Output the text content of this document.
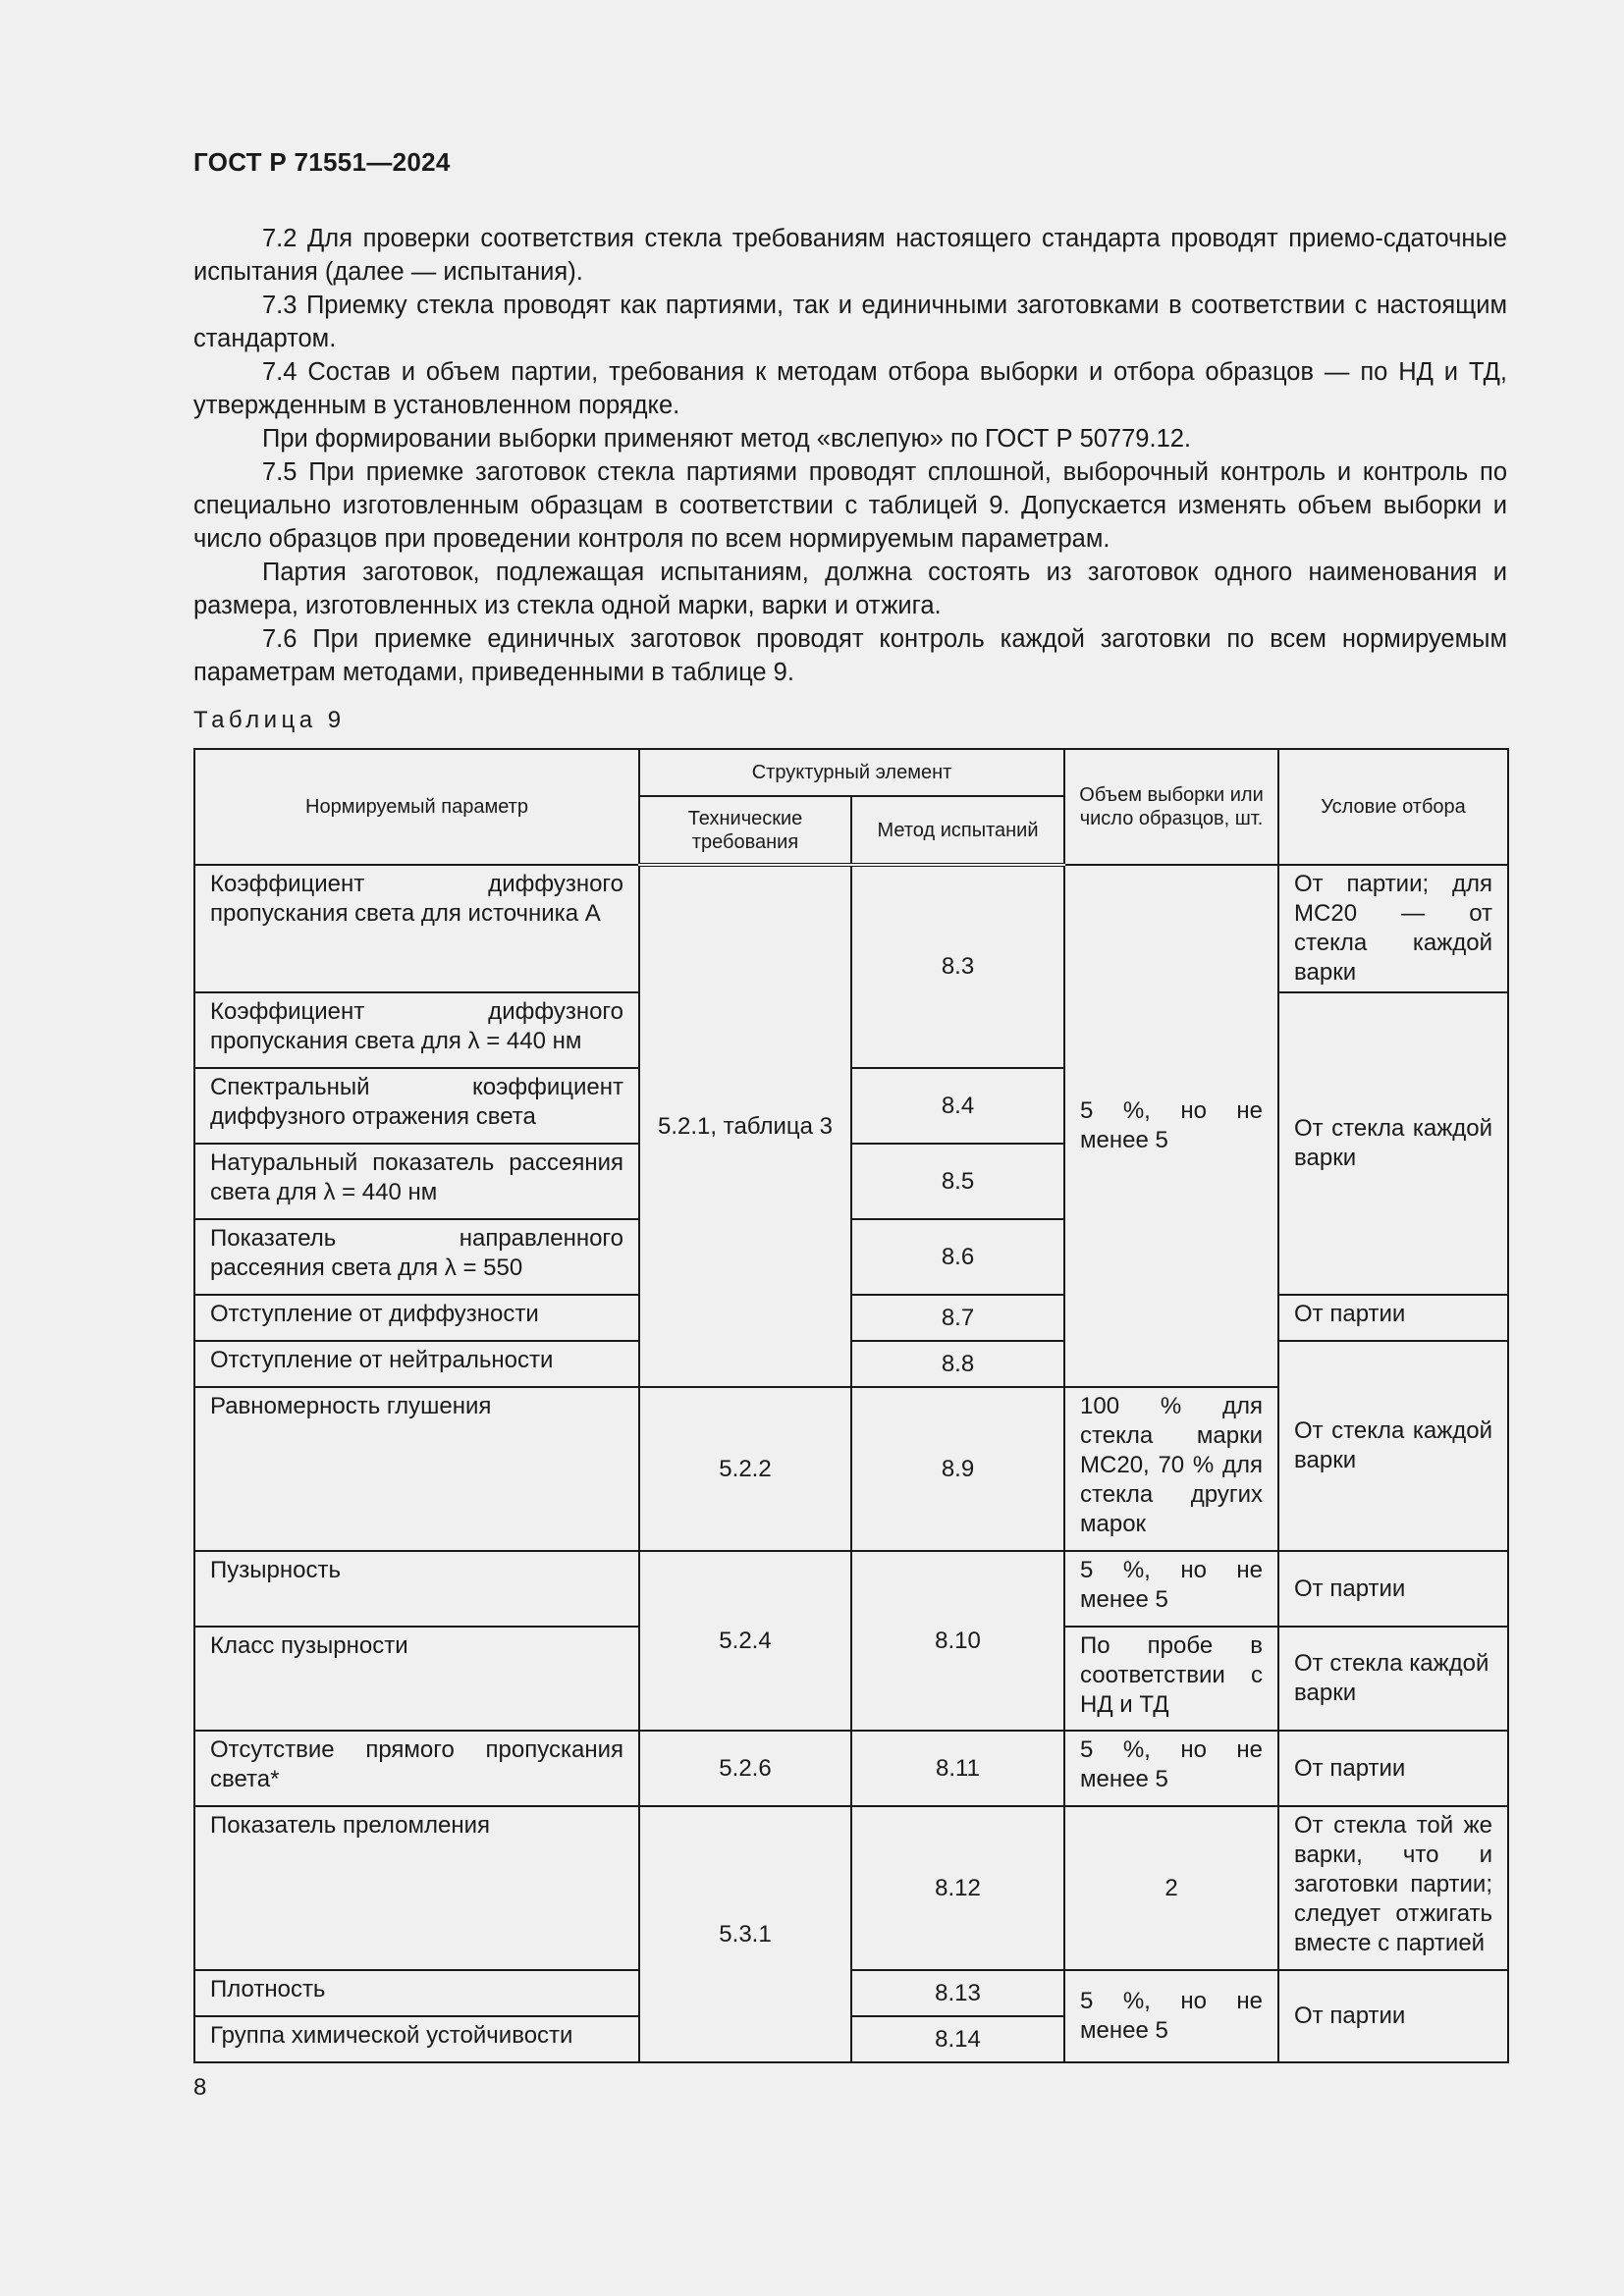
ГОСТ Р 71551—2024

7.2 Для проверки соответствия стекла требованиям настоящего стандарта проводят приемо-сдаточные испытания (далее — испытания).

7.3 Приемку стекла проводят как партиями, так и единичными заготовками в соответствии с настоящим стандартом.

7.4 Состав и объем партии, требования к методам отбора выборки и отбора образцов — по НД и ТД, утвержденным в установленном порядке.

При формировании выборки применяют метод «вслепую» по ГОСТ Р 50779.12.

7.5 При приемке заготовок стекла партиями проводят сплошной, выборочный контроль и контроль по специально изготовленным образцам в соответствии с таблицей 9. Допускается изменять объем выборки и число образцов при проведении контроля по всем нормируемым параметрам.

Партия заготовок, подлежащая испытаниям, должна состоять из заготовок одного наименования и размера, изготовленных из стекла одной марки, варки и отжига.

7.6 При приемке единичных заготовок проводят контроль каждой заготовки по всем нормируемым параметрам методами, приведенными в таблице 9.

Таблица 9
Нормируемый параметр	Структурный элемент		Объем выборки или число образцов, шт.	Условие отбора
	Технические требования	Метод испытаний		
Коэффициент диффузного пропускания света для источника А	5.2.1, таблица 3	8.3	5 %, но не менее 5	От партии; для МС20 — от стекла каждой варки
Коэффициент диффузного пропускания света для λ = 440 нм				От стекла каждой варки
Спектральный коэффициент диффузного отражения света		8.4		
Натуральный показатель рассеяния света для λ = 440 нм		8.5		
Показатель направленного рассеяния света для λ = 550		8.6		
Отступление от диффузности		8.7		От партии
Отступление от нейтральности		8.8		От стекла каждой варки
Равномерность глушения	5.2.2	8.9	100 % для стекла марки МС20, 70 % для стекла других марок	
Пузырность	5.2.4	8.10	5 %, но не менее 5	От партии
Класс пузырности			По пробе в соответствии с НД и ТД	От стекла каждой варки
Отсутствие прямого пропускания света*	5.2.6	8.11	5 %, но не менее 5	От партии
Показатель преломления	5.3.1	8.12	2	От стекла той же варки, что и заготовки партии; следует отжигать вместе с партией
Плотность		8.13	5 %, но не менее 5	От партии
Группа химической устойчивости		8.14		
8
